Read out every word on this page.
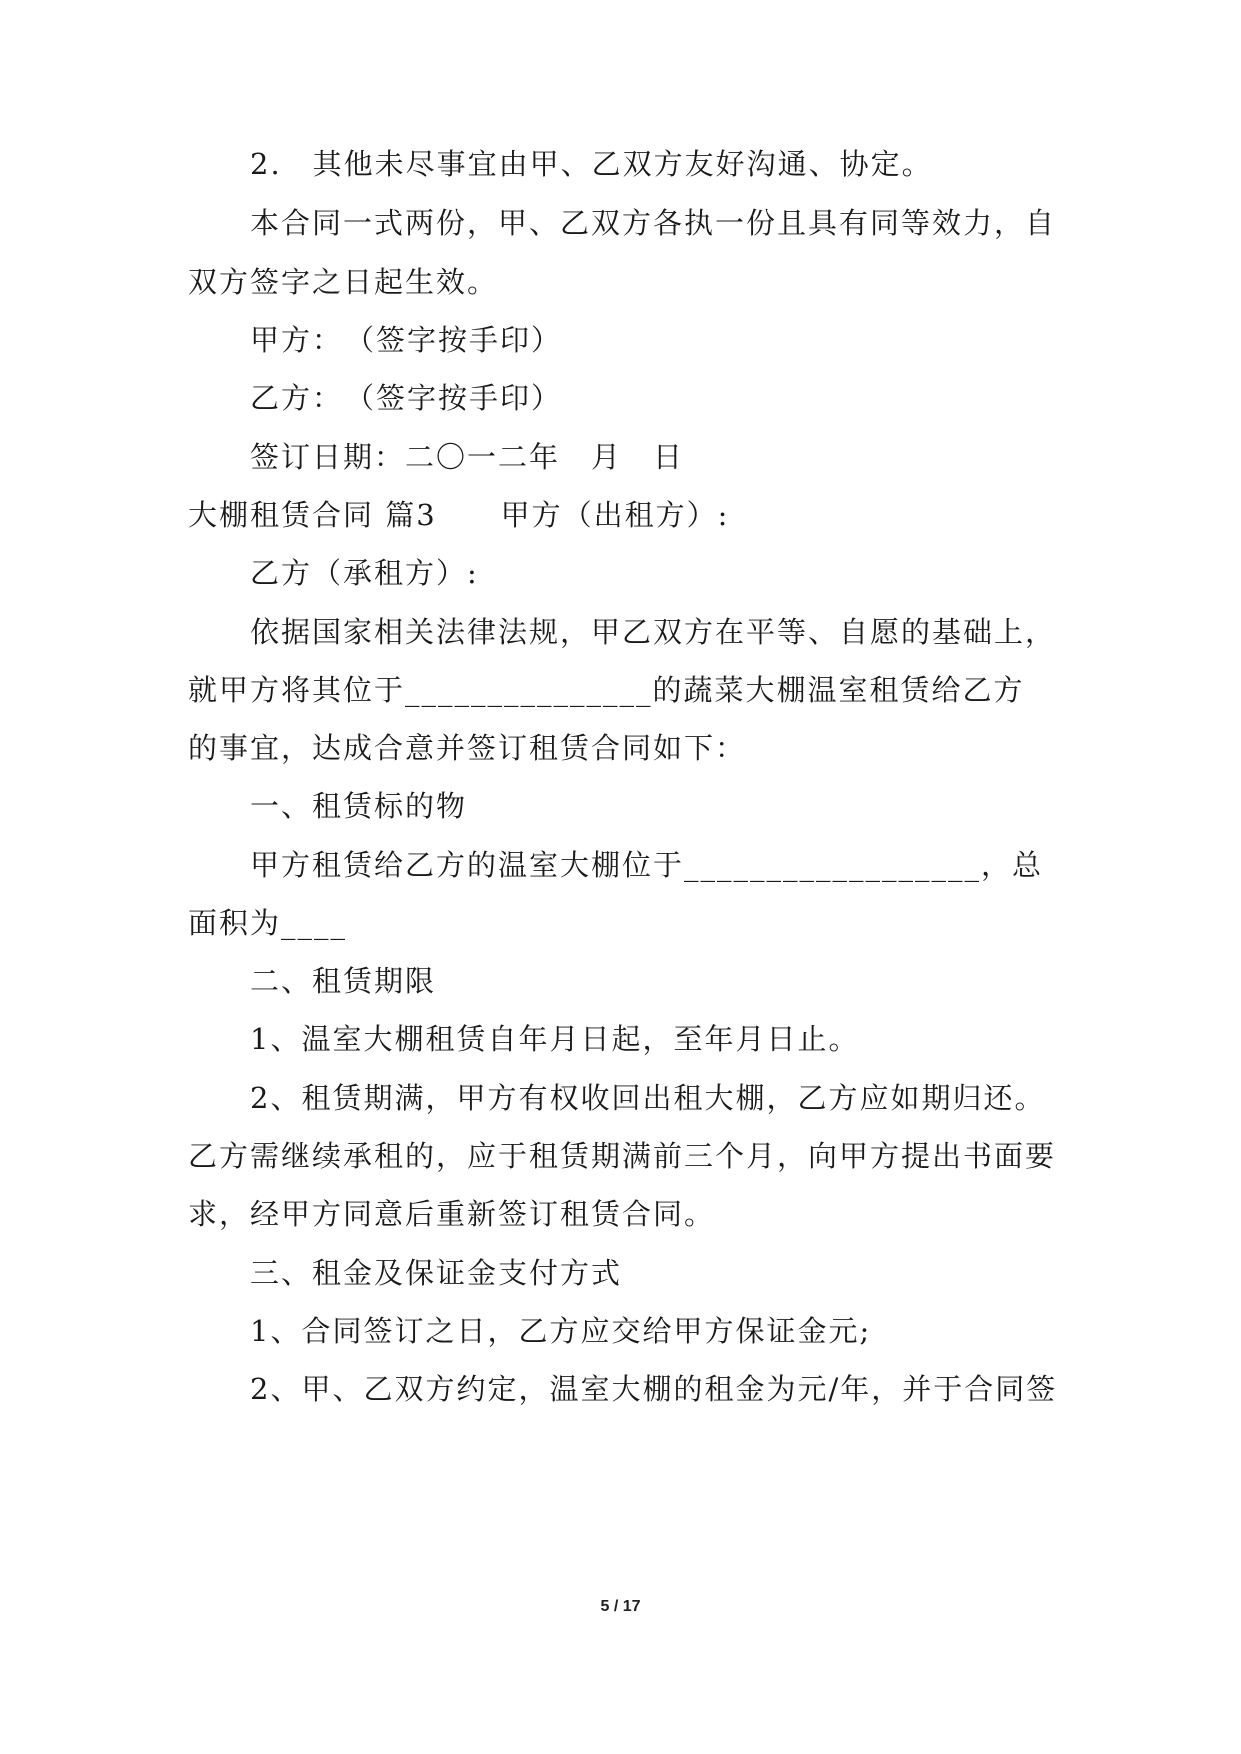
2.　其他未尽事宜由甲、乙双方友好沟通、协定。
本合同一式两份，甲、乙双方各执一份且具有同等效力，自
双方签字之日起生效。
甲方：　（签字按手印）
乙方：　（签字按手印）
签订日期：二〇一二年　月　日
大棚租赁合同 篇3 甲方（出租方）:
乙方（承租方）:
依据国家相关法律法规，甲乙双方在平等、自愿的基础上，
就甲方将其位于_______________的蔬菜大棚温室租赁给乙方
的事宜，达成合意并签订租赁合同如下：
一、租赁标的物
甲方租赁给乙方的温室大棚位于__________________，总
面积为____
二、租赁期限
1、温室大棚租赁自年月日起，至年月日止。
2、租赁期满，甲方有权收回出租大棚，乙方应如期归还。
乙方需继续承租的，应于租赁期满前三个月，向甲方提出书面要
求，经甲方同意后重新签订租赁合同。
三、租金及保证金支付方式
1、合同签订之日，乙方应交给甲方保证金元;
2、甲、乙双方约定，温室大棚的租金为元/年，并于合同签
5 / 17
